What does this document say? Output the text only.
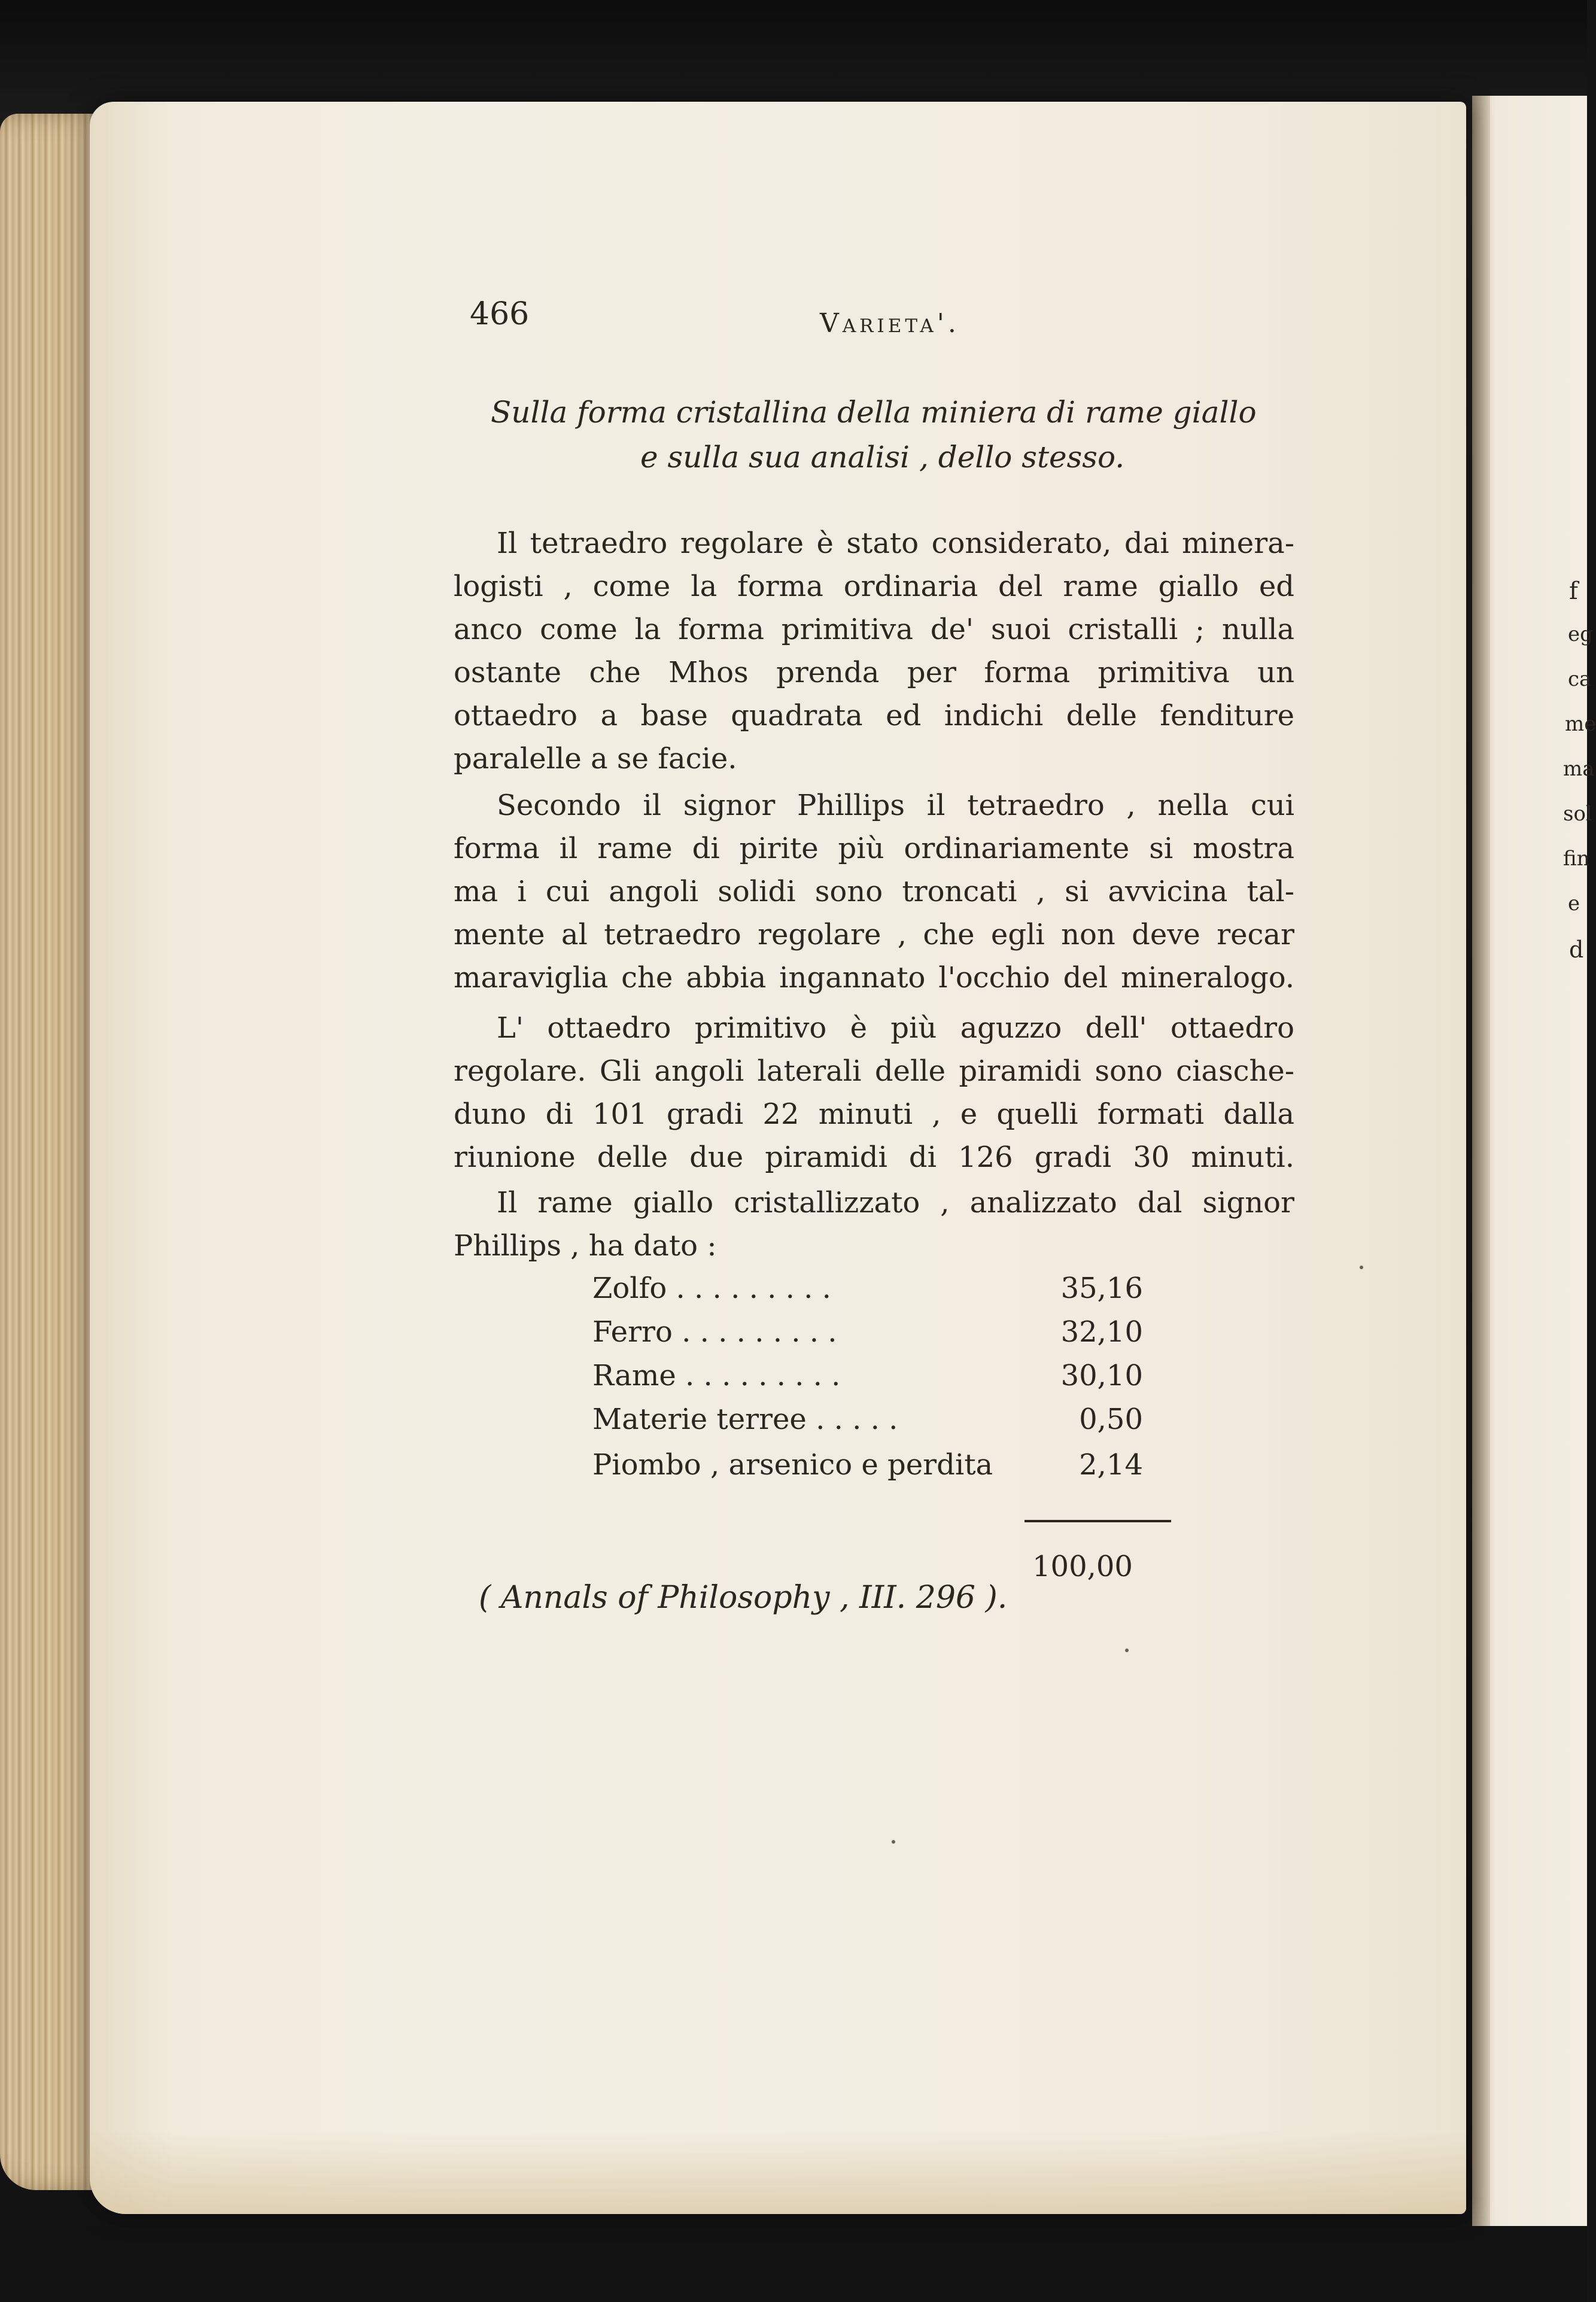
f
eg
ca
me
ma
sol
fin
e
d
466	Varieta'.
Sulla forma cristallina della miniera di rame giallo
e sulla sua analisi , dello stesso.
Il tetraedro regolare è stato considerato, dai minera-
logisti , come la forma ordinaria del rame giallo ed
anco come la forma primitiva de' suoi cristalli ; nulla
ostante che Mhos prenda per forma primitiva un
ottaedro a base quadrata ed indichi delle fenditure
paralelle a se facie.
Secondo il signor Phillips il tetraedro , nella cui
forma il rame di pirite più ordinariamente si mostra
ma i cui angoli solidi sono troncati , si avvicina tal-
mente al tetraedro regolare , che egli non deve recar
maraviglia che abbia ingannato l'occhio del mineralogo.
L' ottaedro primitivo è più aguzzo dell' ottaedro
regolare. Gli angoli laterali delle piramidi sono ciasche-
duno di 101 gradi 22 minuti , e quelli formati dalla
riunione delle due piramidi di 126 gradi 30 minuti.
Il rame giallo cristallizzato , analizzato dal signor
Phillips , ha dato :
Zolfo . . . . . . . . .	35,16
Ferro . . . . . . . . .	32,10
Rame . . . . . . . . .	30,10
Materie terree . . . . .	0,50
Piombo , arsenico e perdita	2,14
100,00
( Annals of Philosophy , III. 296 ).
